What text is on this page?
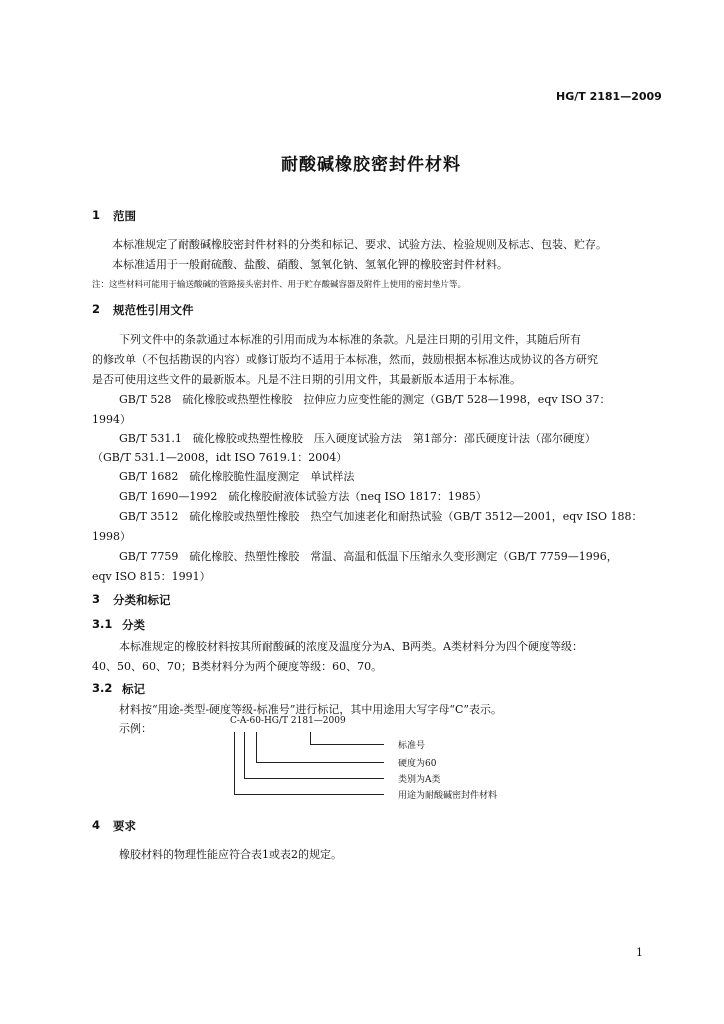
HG/T 2181—2009
耐酸碱橡胶密封件材料
1 范围
本标准规定了耐酸碱橡胶密封件材料的分类和标记、要求、试验方法、检验规则及标志、包装、贮存。
本标准适用于一般耐硫酸、盐酸、硝酸、氢氧化钠、氢氧化钾的橡胶密封件材料。
注：这些材料可能用于输送酸碱的管路接头密封件、用于贮存酸碱容器及附件上使用的密封垫片等。
2 规范性引用文件
下列文件中的条款通过本标准的引用而成为本标准的条款。凡是注日期的引用文件，其随后所有
的修改单（不包括勘误的内容）或修订版均不适用于本标准，然而，鼓励根据本标准达成协议的各方研究
是否可使用这些文件的最新版本。凡是不注日期的引用文件，其最新版本适用于本标准。
GB/T 528　硫化橡胶或热塑性橡胶　拉伸应力应变性能的测定（GB/T 528—1998，eqv ISO 37：
1994）
GB/T 531.1　硫化橡胶或热塑性橡胶　压入硬度试验方法　第1部分：邵氏硬度计法（邵尔硬度）
（GB/T 531.1—2008，idt ISO 7619.1：2004）
GB/T 1682　硫化橡胶脆性温度测定　单试样法
GB/T 1690—1992　硫化橡胶耐液体试验方法（neq ISO 1817：1985）
GB/T 3512　硫化橡胶或热塑性橡胶　热空气加速老化和耐热试验（GB/T 3512—2001，eqv ISO 188：
1998）
GB/T 7759　硫化橡胶、热塑性橡胶　常温、高温和低温下压缩永久变形测定（GB/T 7759—1996，
eqv ISO 815：1991）
3 分类和标记
3.1 分类
本标准规定的橡胶材料按其所耐酸碱的浓度及温度分为A、B两类。A类材料分为四个硬度等级：
40、50、60、70；B类材料分为两个硬度等级：60、70。
3.2 标记
材料按“用途-类型-硬度等级-标准号”进行标记，其中用途用大写字母“C”表示。
示例：
C-A-60-HG/T 2181—2009
标准号
硬度为60
类别为A类
用途为耐酸碱密封件材料
4 要求
橡胶材料的物理性能应符合表1或表2的规定。
1
